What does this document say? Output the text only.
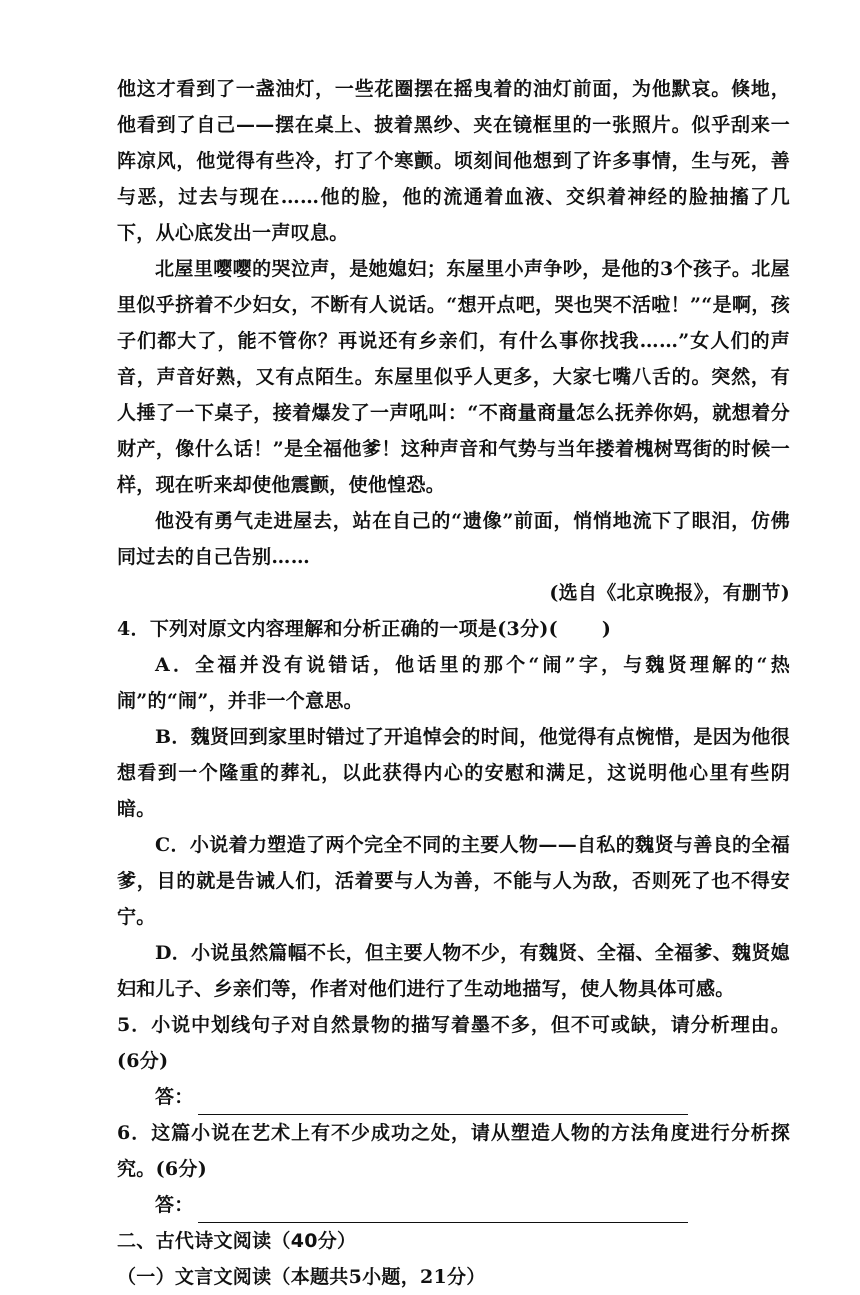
他这才看到了一盏油灯，一些花圈摆在摇曳着的油灯前面，为他默哀。倏地，他看到了自己——摆在桌上、披着黑纱、夹在镜框里的一张照片。似乎刮来一阵凉风，他觉得有些冷，打了个寒颤。顷刻间他想到了许多事情，生与死，善与恶，过去与现在……他的脸，他的流通着血液、交织着神经的脸抽搐了几下，从心底发出一声叹息。

北屋里嘤嘤的哭泣声，是她媳妇；东屋里小声争吵，是他的3个孩子。北屋里似乎挤着不少妇女，不断有人说话。“想开点吧，哭也哭不活啦！”“是啊，孩子们都大了，能不管你？再说还有乡亲们，有什么事你找我……”女人们的声音，声音好熟，又有点陌生。东屋里似乎人更多，大家七嘴八舌的。突然，有人捶了一下桌子，接着爆发了一声吼叫：“不商量商量怎么抚养你妈，就想着分财产，像什么话！”是全福他爹！这种声音和气势与当年搂着槐树骂街的时候一样，现在听来却使他震颤，使他惶恐。

他没有勇气走进屋去，站在自己的“遗像”前面，悄悄地流下了眼泪，仿佛同过去的自己告别……

(选自《北京晚报》，有删节)

4．下列对原文内容理解和分析正确的一项是(3分)( )

A．全福并没有说错话，他话里的那个“闹”字，与魏贤理解的“热闹”的“闹”，并非一个意思。

B．魏贤回到家里时错过了开追悼会的时间，他觉得有点惋惜，是因为他很想看到一个隆重的葬礼，以此获得内心的安慰和满足，这说明他心里有些阴暗。

C．小说着力塑造了两个完全不同的主要人物——自私的魏贤与善良的全福爹，目的就是告诫人们，活着要与人为善，不能与人为敌，否则死了也不得安宁。

D．小说虽然篇幅不长，但主要人物不少，有魏贤、全福、全福爹、魏贤媳妇和儿子、乡亲们等，作者对他们进行了生动地描写，使人物具体可感。

5．小说中划线句子对自然景物的描写着墨不多，但不可或缺，请分析理由。(6分)

答：

6．这篇小说在艺术上有不少成功之处，请从塑造人物的方法角度进行分析探究。(6分)

答：

二、古代诗文阅读（40分）

（一）文言文阅读（本题共5小题，21分）
